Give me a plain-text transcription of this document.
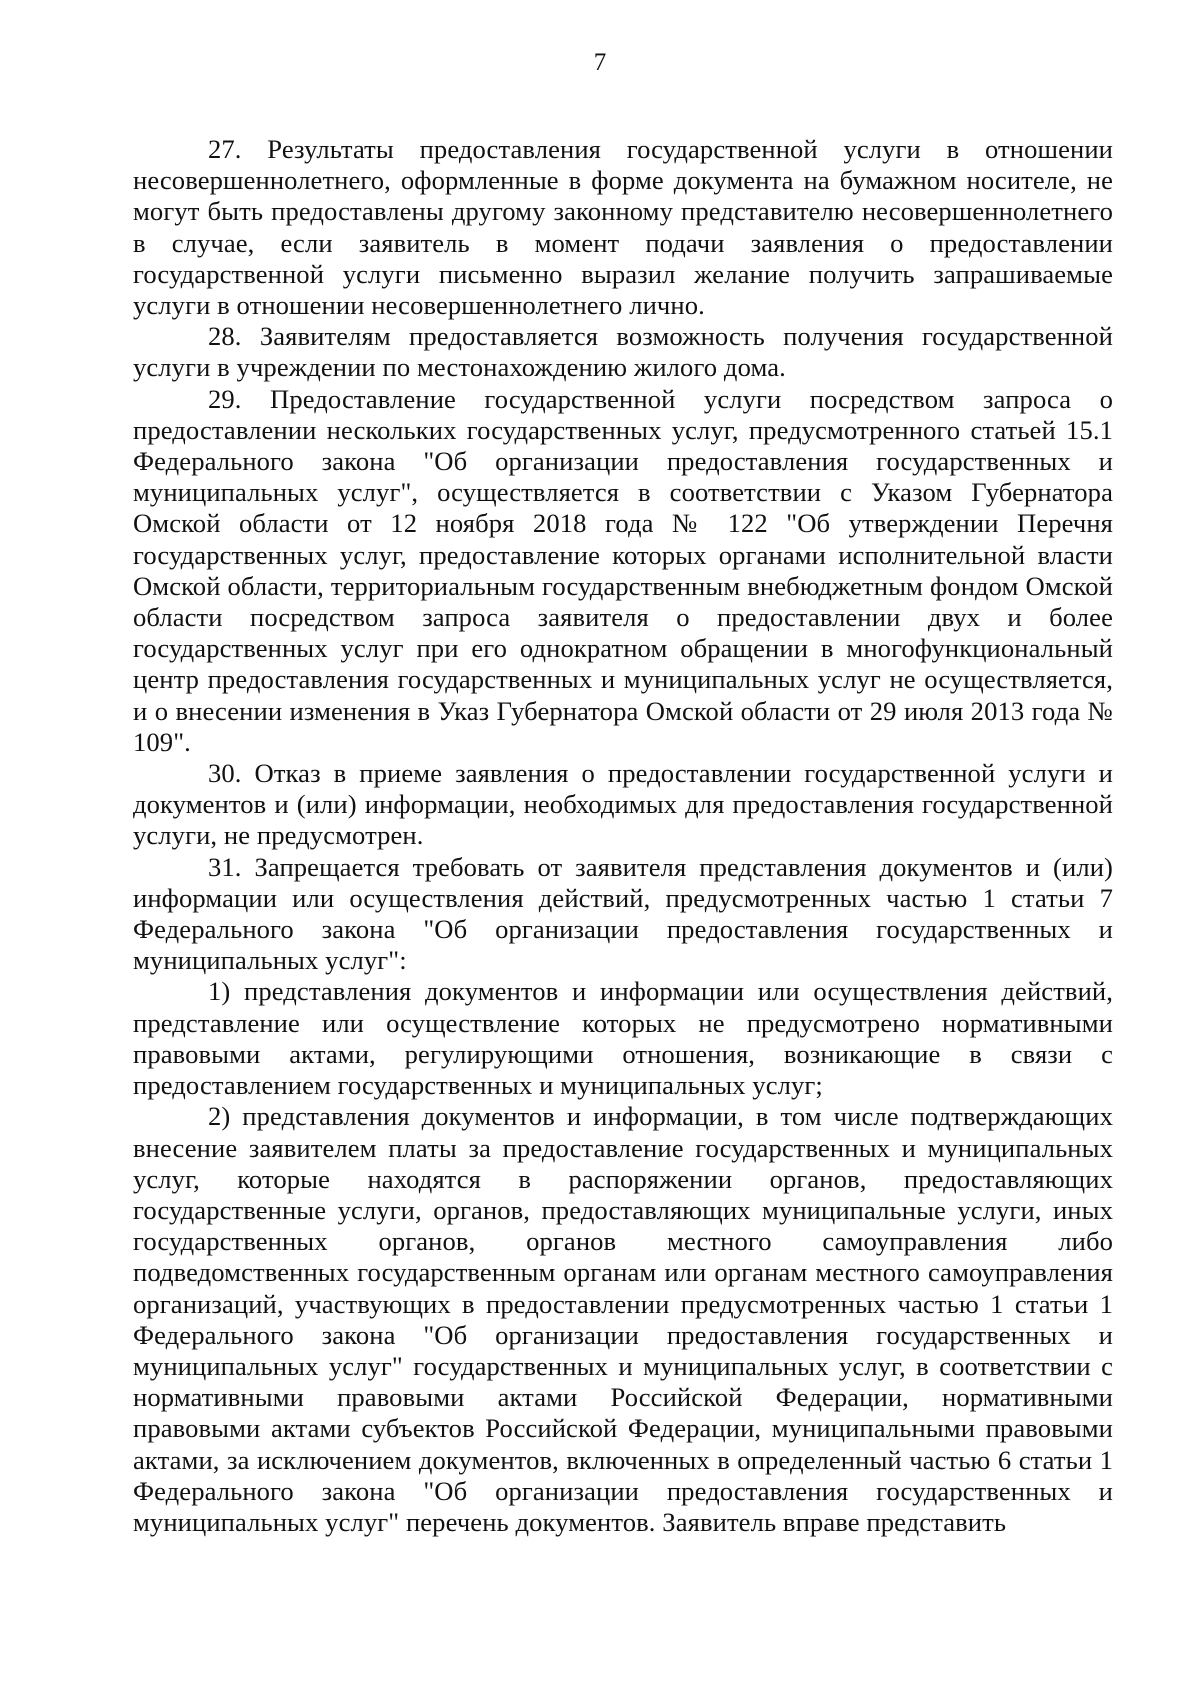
7

27. Результаты предоставления государственной услуги в отношении несовершеннолетнего, оформленные в форме документа на бумажном носителе, не могут быть предоставлены другому законному представителю несовершеннолетнего в случае, если заявитель в момент подачи заявления о предоставлении государственной услуги письменно выразил желание получить запрашиваемые услуги в отношении несовершеннолетнего лично.

28. Заявителям предоставляется возможность получения государственной услуги в учреждении по местонахождению жилого дома.

29. Предоставление государственной услуги посредством запроса о предоставлении нескольких государственных услуг, предусмотренного статьей 15.1 Федерального закона "Об организации предоставления государственных и муниципальных услуг", осуществляется в соответствии с Указом Губернатора Омской области от 12 ноября 2018 года № 122 "Об утверждении Перечня государственных услуг, предоставление которых органами исполнительной власти Омской области, территориальным государственным внебюджетным фондом Омской области посредством запроса заявителя о предоставлении двух и более государственных услуг при его однократном обращении в многофункциональный центр предоставления государственных и муниципальных услуг не осуществляется, и о внесении изменения в Указ Губернатора Омской области от 29 июля 2013 года № 109".

30. Отказ в приеме заявления о предоставлении государственной услуги и документов и (или) информации, необходимых для предоставления государственной услуги, не предусмотрен.

31. Запрещается требовать от заявителя представления документов и (или) информации или осуществления действий, предусмотренных частью 1 статьи 7 Федерального закона "Об организации предоставления государственных и муниципальных услуг":

1) представления документов и информации или осуществления действий, представление или осуществление которых не предусмотрено нормативными правовыми актами, регулирующими отношения, возникающие в связи с предоставлением государственных и муниципальных услуг;

2) представления документов и информации, в том числе подтверждающих внесение заявителем платы за предоставление государственных и муниципальных услуг, которые находятся в распоряжении органов, предоставляющих государственные услуги, органов, предоставляющих муниципальные услуги, иных государственных органов, органов местного самоуправления либо подведомственных государственным органам или органам местного самоуправления организаций, участвующих в предоставлении предусмотренных частью 1 статьи 1 Федерального закона "Об организации предоставления государственных и муниципальных услуг" государственных и муниципальных услуг, в соответствии с нормативными правовыми актами Российской Федерации, нормативными правовыми актами субъектов Российской Федерации, муниципальными правовыми актами, за исключением документов, включенных в определенный частью 6 статьи 1 Федерального закона "Об организации предоставления государственных и муниципальных услуг" перечень документов. Заявитель вправе представить
